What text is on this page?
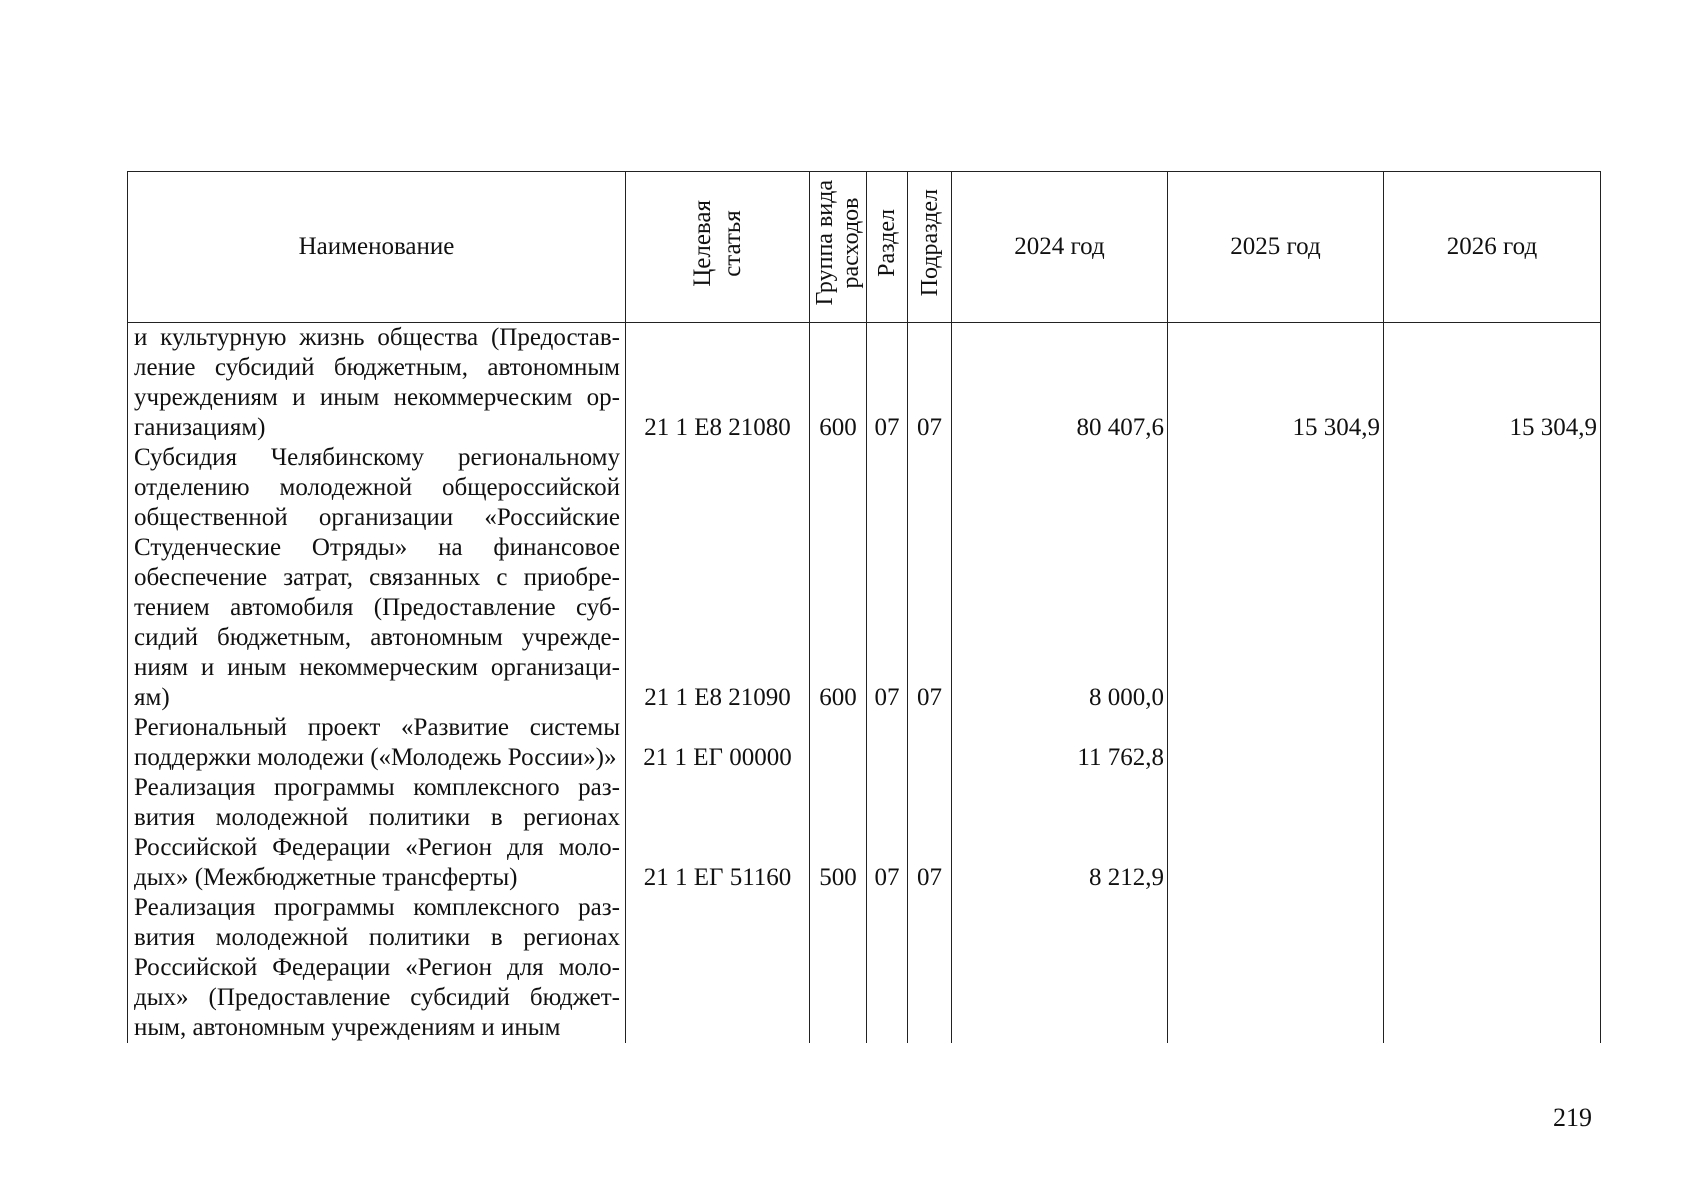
Наименование	Целевая статья	Группа вида расходов	Раздел	Подраздел	2024 год	2025 год	2026 год
и культурную жизнь общества (Предоставление субсидий бюджетным, автономным учреждениям и иным некоммерческим организациям)	21 1 Е8 21080	600	07	07	80 407,6	15 304,9	15 304,9
Субсидия Челябинскому региональному отделению молодежной общероссийской общественной организации «Российские Студенческие Отряды» на финансовое обеспечение затрат, связанных с приобретением автомобиля (Предоставление субсидий бюджетным, автономным учреждениям и иным некоммерческим организациям)	21 1 Е8 21090	600	07	07	8 000,0		
Региональный проект «Развитие системы поддержки молодежи («Молодежь России»)»	21 1 ЕГ 00000				11 762,8		
Реализация программы комплексного развития молодежной политики в регионах Российской Федерации «Регион для молодых» (Межбюджетные трансферты)	21 1 ЕГ 51160	500	07	07	8 212,9		
Реализация программы комплексного развития молодежной политики в регионах Российской Федерации «Регион для молодых» (Предоставление субсидий бюджетным, автономным учреждениям и иным							
219
